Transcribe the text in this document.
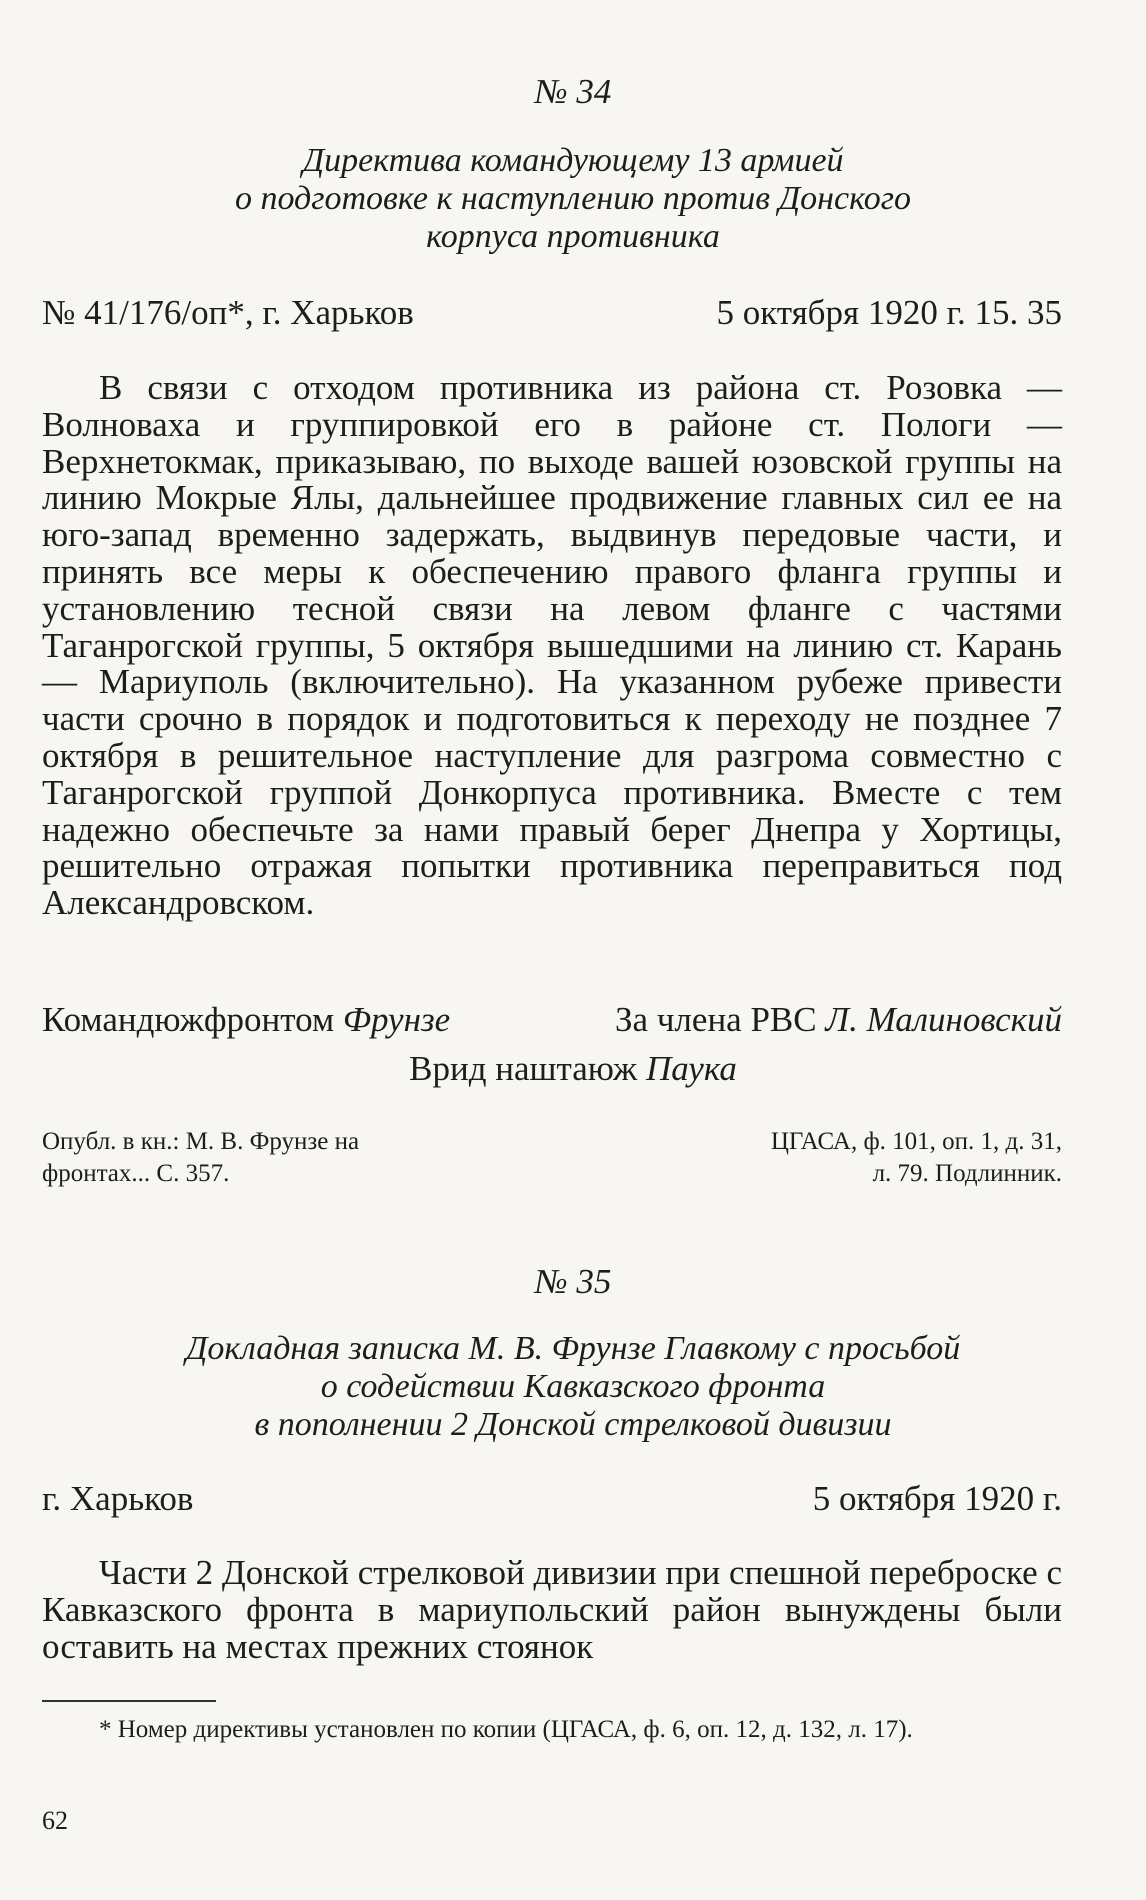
№ 34
Директива командующему 13 армией
о подготовке к наступлению против Донского
корпуса противника
№ 41/176/оп*, г. Харьков	5 октября 1920 г. 15. 35

В связи с отходом противника из района ст. Розовка — Волноваха и группировкой его в районе ст. Пологи — Верхнетокмак, приказываю, по выходе вашей юзовской группы на линию Мокрые Ялы, дальнейшее продвижение главных сил ее на юго-запад временно задержать, выдвинув передовые части, и принять все меры к обеспечению правого фланга группы и установлению тесной связи на левом фланге с частями Таганрогской группы, 5 октября вышедшими на линию ст. Карань — Мариуполь (включительно). На указанном рубеже привести части срочно в порядок и подготовиться к переходу не позднее 7 октября в решительное наступление для разгрома совместно с Таганрогской группой Донкорпуса противника. Вместе с тем надежно обеспечьте за нами правый берег Днепра у Хортицы, решительно отражая попытки противника переправиться под Александровском.

Командюжфронтом Фрунзе	За члена РВС Л. Малиновский
Врид наштаюж Паука
Опубл. в кн.: М. В. Фрунзе на
фронтах... С. 357.
ЦГАСА, ф. 101, оп. 1, д. 31,
л. 79. Подлинник.
№ 35
Докладная записка М. В. Фрунзе Главкому с просьбой
о содействии Кавказского фронта
в пополнении 2 Донской стрелковой дивизии
г. Харьков	5 октября 1920 г.

Части 2 Донской стрелковой дивизии при спешной переброске с Кавказского фронта в мариупольский район вынуждены были оставить на местах прежних стоянок

* Номер директивы установлен по копии (ЦГАСА, ф. 6, оп. 12, д. 132, л. 17).

62
